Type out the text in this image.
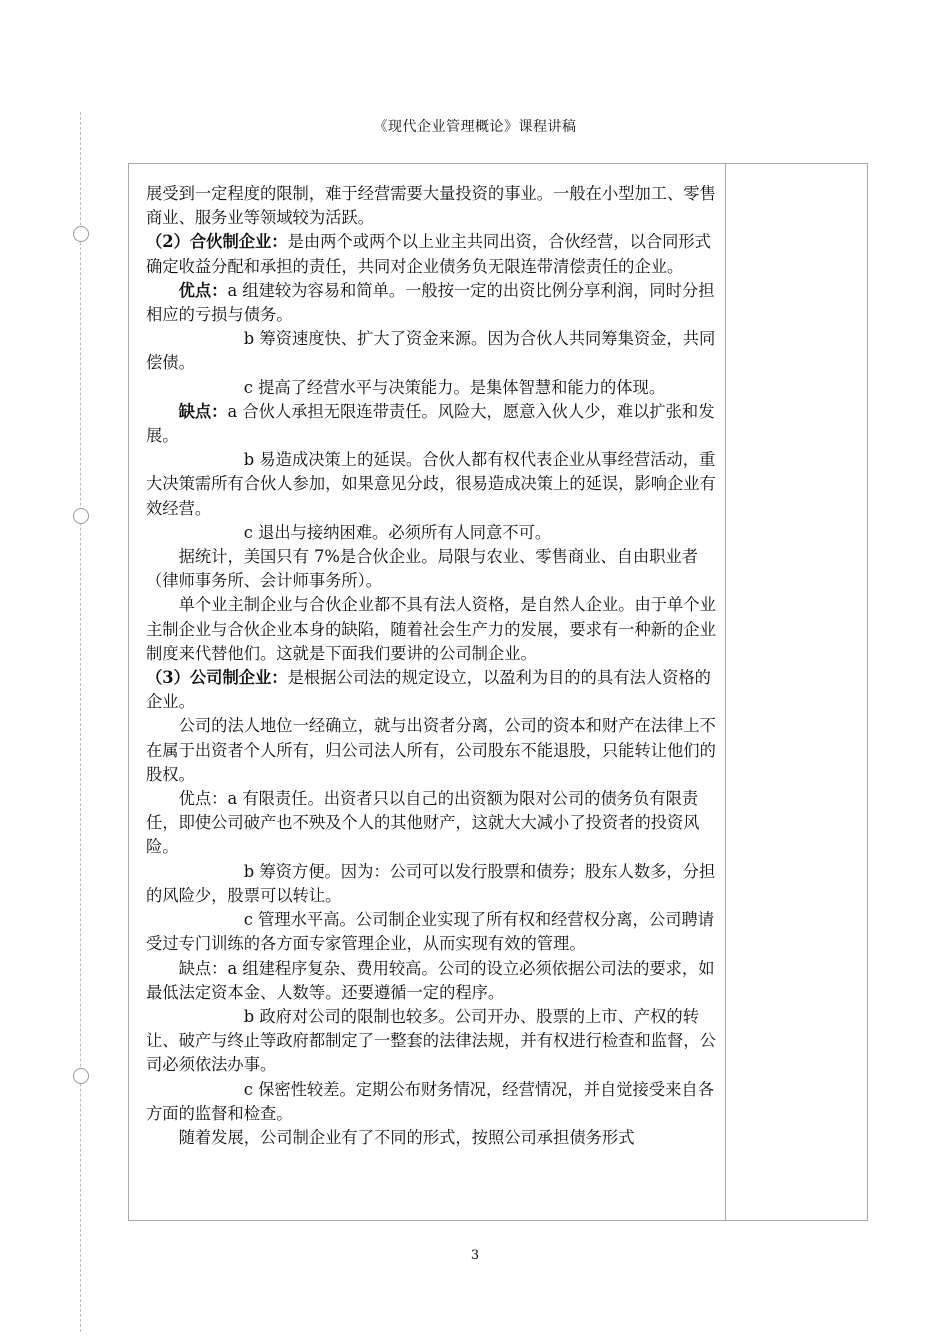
《现代企业管理概论》课程讲稿

展受到一定程度的限制，难于经营需要大量投资的事业。一般在小型加工、零售商业、服务业等领域较为活跃。

（2）合伙制企业：是由两个或两个以上业主共同出资，合伙经营，以合同形式确定收益分配和承担的责任，共同对企业债务负无限连带清偿责任的企业。

优点：a 组建较为容易和简单。一般按一定的出资比例分享利润，同时分担相应的亏损与债务。

b 筹资速度快、扩大了资金来源。因为合伙人共同筹集资金，共同偿债。

c 提高了经营水平与决策能力。是集体智慧和能力的体现。

缺点：a 合伙人承担无限连带责任。风险大，愿意入伙人少，难以扩张和发展。

b 易造成决策上的延误。合伙人都有权代表企业从事经营活动，重大决策需所有合伙人参加，如果意见分歧，很易造成决策上的延误，影响企业有效经营。

c 退出与接纳困难。必须所有人同意不可。

据统计，美国只有 7%是合伙企业。局限与农业、零售商业、自由职业者（律师事务所、会计师事务所）。

单个业主制企业与合伙企业都不具有法人资格，是自然人企业。由于单个业主制企业与合伙企业本身的缺陷，随着社会生产力的发展，要求有一种新的企业制度来代替他们。这就是下面我们要讲的公司制企业。

（3）公司制企业：是根据公司法的规定设立，以盈利为目的的具有法人资格的企业。

公司的法人地位一经确立，就与出资者分离，公司的资本和财产在法律上不在属于出资者个人所有，归公司法人所有，公司股东不能退股，只能转让他们的股权。

优点：a 有限责任。出资者只以自己的出资额为限对公司的债务负有限责任，即使公司破产也不殃及个人的其他财产，这就大大减小了投资者的投资风险。

b 筹资方便。因为：公司可以发行股票和债券；股东人数多，分担的风险少，股票可以转让。

c 管理水平高。公司制企业实现了所有权和经营权分离，公司聘请受过专门训练的各方面专家管理企业，从而实现有效的管理。

缺点：a 组建程序复杂、费用较高。公司的设立必须依据公司法的要求，如最低法定资本金、人数等。还要遵循一定的程序。

b 政府对公司的限制也较多。公司开办、股票的上市、产权的转让、破产与终止等政府都制定了一整套的法律法规，并有权进行检查和监督，公司必须依法办事。

c 保密性较差。定期公布财务情况，经营情况，并自觉接受来自各方面的监督和检查。

随着发展，公司制企业有了不同的形式，按照公司承担债务形式

3
